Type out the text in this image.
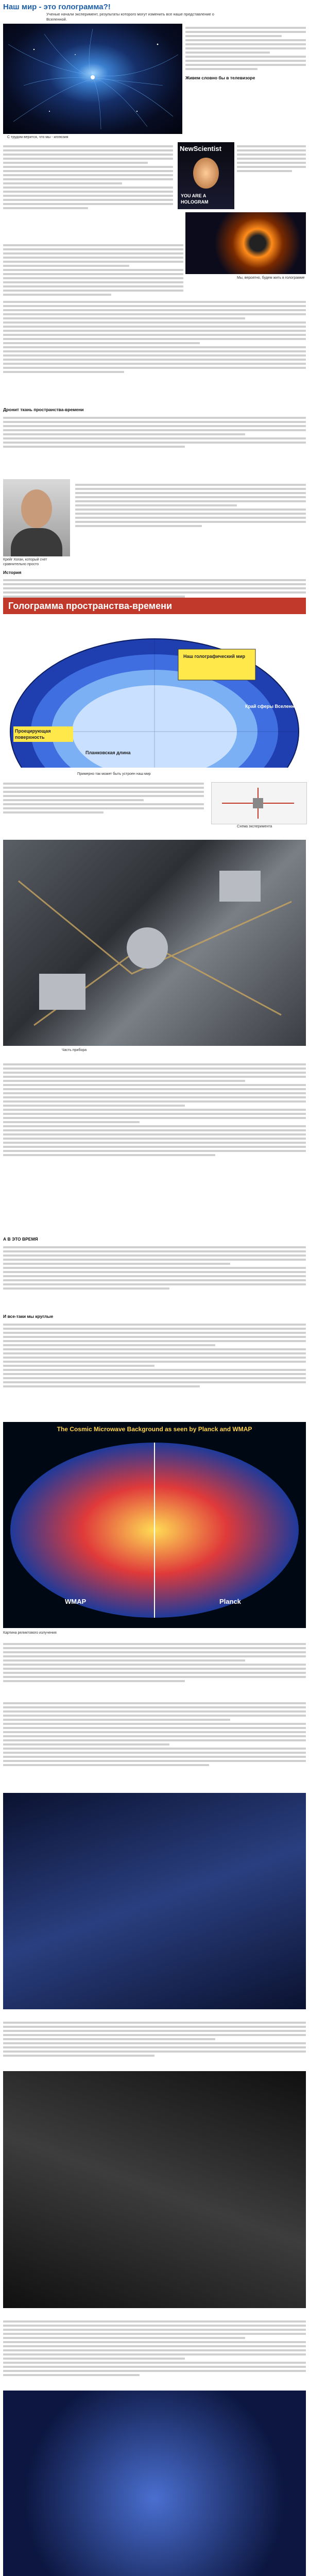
Наш мир - это голограмма?!
Ученые начали эксперимент, результаты которого могут изменить все наше представление о Вселенной.
С трудом верится, что мы - иллюзия
Живем словно бы в телевизоре
NewScientist
YOU ARE A HOLOGRAM
Мы, вероятно, будем жить в голограмме
Дронит ткань пространства-времени
Крейг Хоган, который счет сравнительно просто
История
Голограмма пространства-времени
Наш голографический мир
Край сферы Вселенной
Проецирующая поверхность
Планковская длина
Примерно так может быть устроен наш мир
Схема эксперимента
Часть прибора
А В ЭТО ВРЕМЯ
И все-таки мы круглые
The Cosmic Microwave Background as seen by Planck and WMAP
WMAP	Planck
Картина реликтового излучения
